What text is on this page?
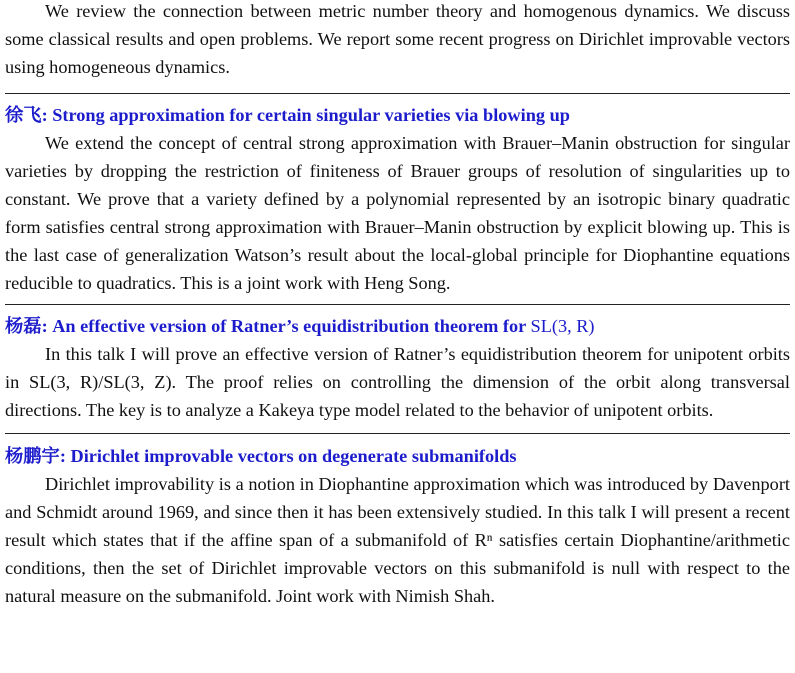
We review the connection between metric number theory and homogenous dynamics. We discuss some classical results and open problems. We report some recent progress on Dirichlet improvable vectors using homogeneous dynamics.

徐飞: Strong approximation for certain singular varieties via blowing up

We extend the concept of central strong approximation with Brauer–Manin obstruction for singular varieties by dropping the restriction of finiteness of Brauer groups of resolution of singularities up to constant. We prove that a variety defined by a polynomial represented by an isotropic binary quadratic form satisfies central strong approximation with Brauer–Manin obstruction by explicit blowing up. This is the last case of generalization Watson’s result about the local-global principle for Diophantine equations reducible to quadratics. This is a joint work with Heng Song.

杨磊: An effective version of Ratner’s equidistribution theorem for SL(3, R)

In this talk I will prove an effective version of Ratner’s equidistribution theorem for unipotent orbits in SL(3, R)/SL(3, Z). The proof relies on controlling the dimension of the orbit along transversal directions. The key is to analyze a Kakeya type model related to the behavior of unipotent orbits.

杨鹏宇: Dirichlet improvable vectors on degenerate submanifolds

Dirichlet improvability is a notion in Diophantine approximation which was introduced by Davenport and Schmidt around 1969, and since then it has been extensively studied. In this talk I will present a recent result which states that if the affine span of a submanifold of Rⁿ satisfies certain Diophantine/arithmetic conditions, then the set of Dirichlet improvable vectors on this submanifold is null with respect to the natural measure on the submanifold. Joint work with Nimish Shah.
